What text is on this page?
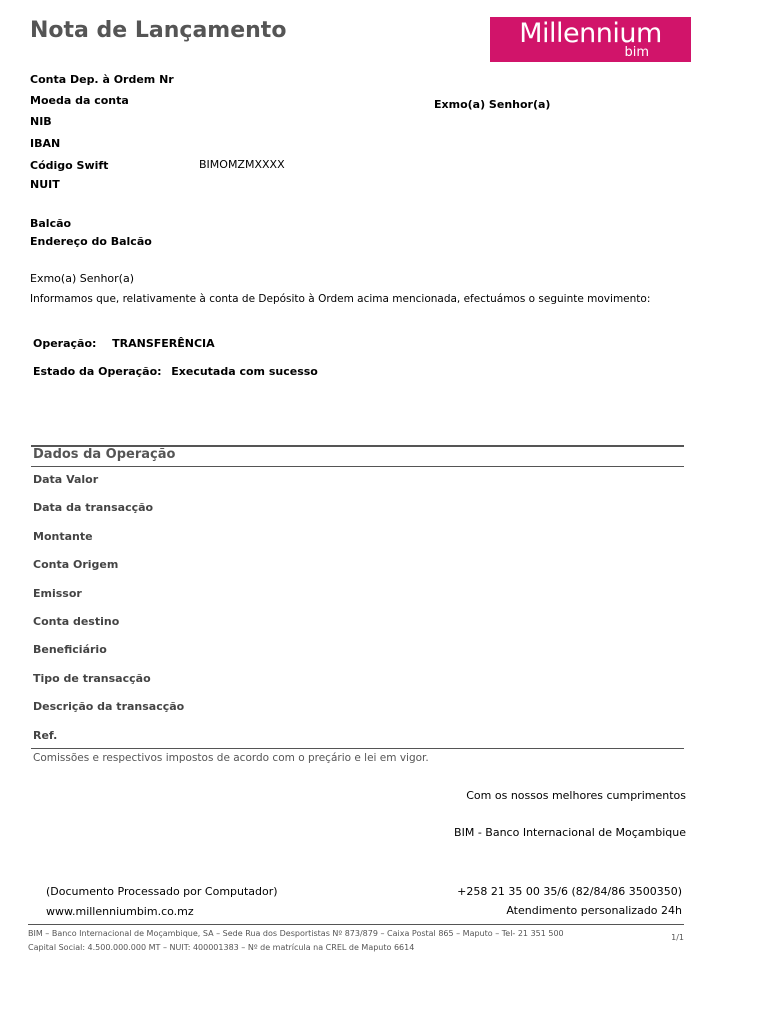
Nota de Lançamento	Millennium
bim
Conta Dep. à Ordem Nr
Moeda da conta	Exmo(a) Senhor(a)
NIB
IBAN
Código Swift	BIMOMZMXXXX
NUIT
Balcão
Endereço do Balcão
Exmo(a) Senhor(a)
Informamos que, relativamente à conta de Depósito à Ordem acima mencionada, efectuámos o seguinte movimento:
Operação: TRANSFERÊNCIA
Estado da Operação: Executada com sucesso
Dados da Operação
Data Valor
Data da transacção
Montante
Conta Origem
Emissor
Conta destino
Beneficiário
Tipo de transacção
Descrição da transacção
Ref.
Comissões e respectivos impostos de acordo com o preçário e lei em vigor.
Com os nossos melhores cumprimentos
BIM - Banco Internacional de Moçambique
(Documento Processado por Computador)
www.millenniumbim.co.mz
+258 21 35 00 35/6 (82/84/86 3500350)
Atendimento personalizado 24h
BIM – Banco Internacional de Moçambique, SA – Sede Rua dos Desportistas Nº 873/879 – Caixa Postal 865 – Maputo – Tel- 21 351 500
Capital Social: 4.500.000.000 MT – NUIT: 400001383 – Nº de matrícula na CREL de Maputo 6614
1/1
